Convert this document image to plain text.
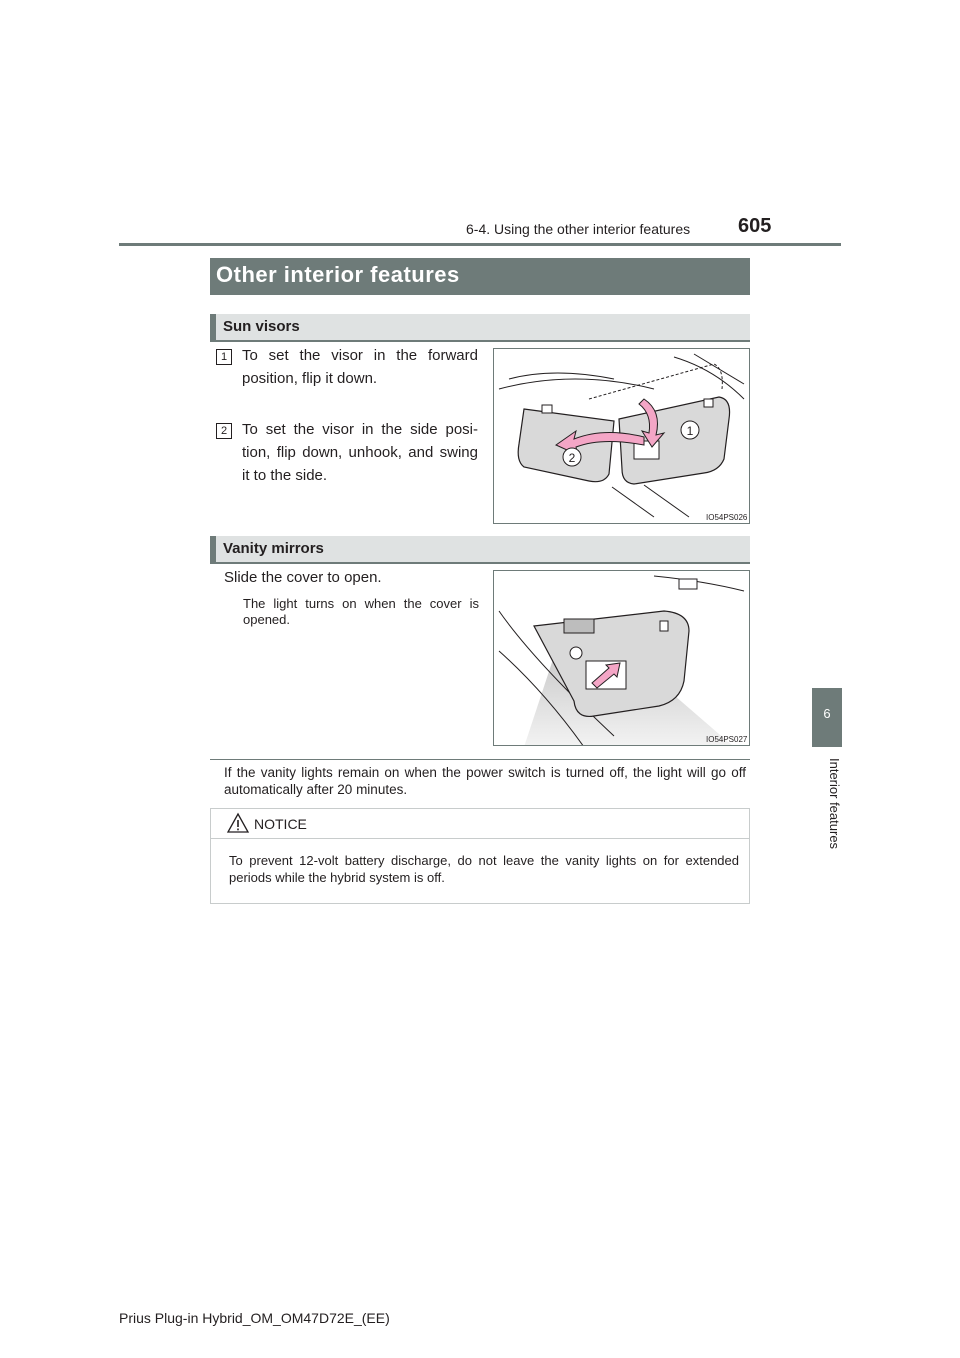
6-4. Using the other interior features 605
6
Interior features
Other interior features
Sun visors
1 To set the visor in the forward position, flip it down.
2 To set the visor in the side posi-tion, flip down, unhook, and swing it to the side.
1
2
IO54PS026
Vanity mirrors
Slide the cover to open.
The light turns on when the cover is opened.
IO54PS027
If the vanity lights remain on when the power switch is turned off, the light will go off automatically after 20 minutes.
NOTICE
To prevent 12-volt battery discharge, do not leave the vanity lights on for extended periods while the hybrid system is off.
Prius Plug-in Hybrid_OM_OM47D72E_(EE)
